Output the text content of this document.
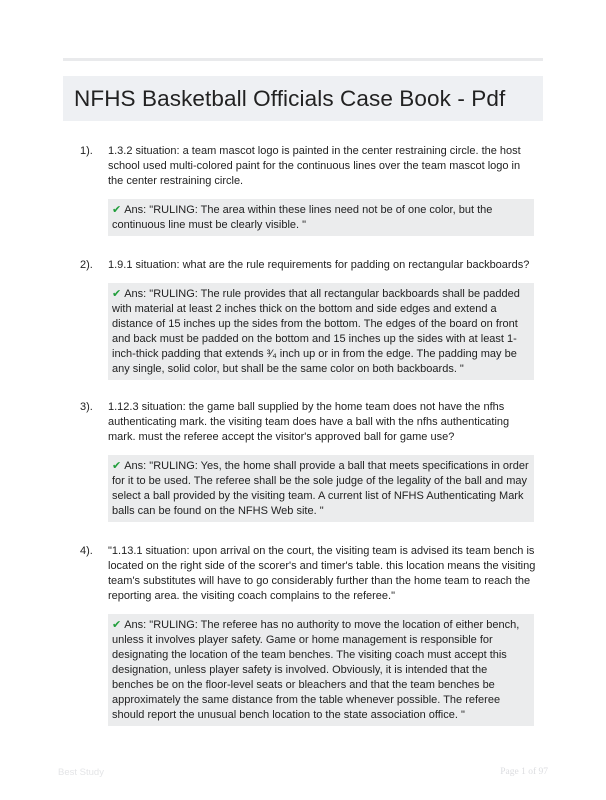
NFHS Basketball Officials Case Book - Pdf
1). 1.3.2 situation: a team mascot logo is painted in the center restraining circle. the host school used multi-colored paint for the continuous lines over the team mascot logo in the center restraining circle.
✔ Ans: "RULING: The area within these lines need not be of one color, but the continuous line must be clearly visible. "
2). 1.9.1 situation: what are the rule requirements for padding on rectangular backboards?
✔ Ans: "RULING: The rule provides that all rectangular backboards shall be padded with material at least 2 inches thick on the bottom and side edges and extend a distance of 15 inches up the sides from the bottom. The edges of the board on front and back must be padded on the bottom and 15 inches up the sides with at least 1-inch-thick padding that extends ³⁄₄ inch up or in from the edge. The padding may be any single, solid color, but shall be the same color on both backboards. "
3). 1.12.3 situation: the game ball supplied by the home team does not have the nfhs authenticating mark. the visiting team does have a ball with the nfhs authenticating mark. must the referee accept the visitor's approved ball for game use?
✔ Ans: "RULING: Yes, the home shall provide a ball that meets specifications in order for it to be used. The referee shall be the sole judge of the legality of the ball and may select a ball provided by the visiting team. A current list of NFHS Authenticating Mark balls can be found on the NFHS Web site. "
4). "1.13.1 situation: upon arrival on the court, the visiting team is advised its team bench is located on the right side of the scorer's and timer's table. this location means the visiting team's substitutes will have to go considerably further than the home team to reach the reporting area. the visiting coach complains to the referee."
✔ Ans: "RULING: The referee has no authority to move the location of either bench, unless it involves player safety. Game or home management is responsible for designating the location of the team benches. The visiting coach must accept this designation, unless player safety is involved. Obviously, it is intended that the benches be on the floor-level seats or bleachers and that the team benches be approximately the same distance from the table whenever possible. The referee should report the unusual bench location to the state association office. "
Best Study	Page 1 of 97
